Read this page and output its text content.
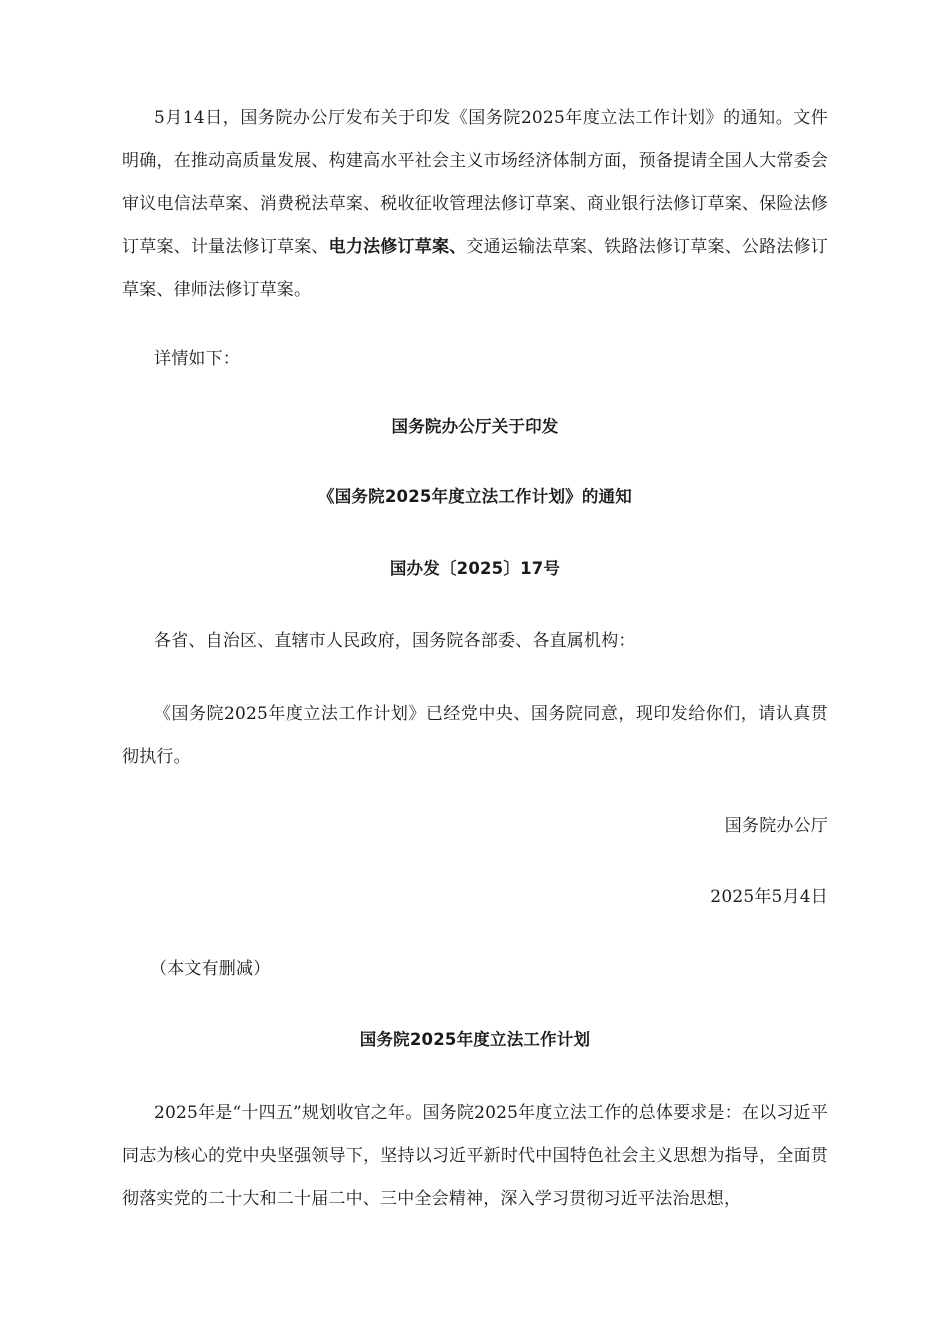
5月14日，国务院办公厅发布关于印发《国务院2025年度立法工作计划》的通知。文件明确，在推动高质量发展、构建高水平社会主义市场经济体制方面，预备提请全国人大常委会审议电信法草案、消费税法草案、税收征收管理法修订草案、商业银行法修订草案、保险法修订草案、计量法修订草案、电力法修订草案、交通运输法草案、铁路法修订草案、公路法修订草案、律师法修订草案。

详情如下：

国务院办公厅关于印发

《国务院2025年度立法工作计划》的通知

国办发〔2025〕17号

各省、自治区、直辖市人民政府，国务院各部委、各直属机构：

《国务院2025年度立法工作计划》已经党中央、国务院同意，现印发给你们，请认真贯彻执行。

国务院办公厅

2025年5月4日

（本文有删减）

国务院2025年度立法工作计划

2025年是“十四五”规划收官之年。国务院2025年度立法工作的总体要求是：在以习近平同志为核心的党中央坚强领导下，坚持以习近平新时代中国特色社会主义思想为指导，全面贯彻落实党的二十大和二十届二中、三中全会精神，深入学习贯彻习近平法治思想，
